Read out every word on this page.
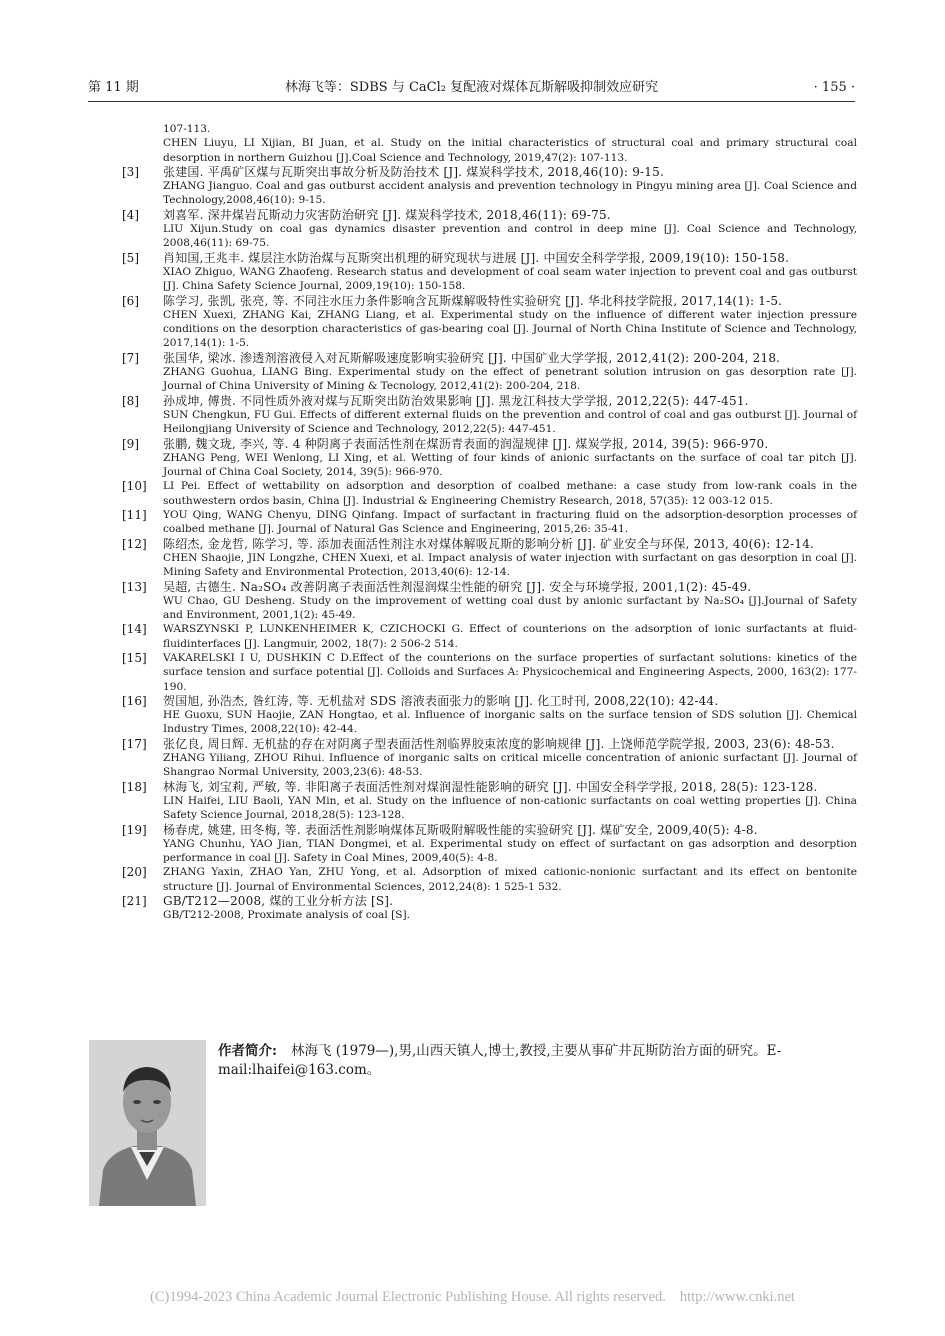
第 11 期	林海飞等：SDBS 与 CaCl₂ 复配液对煤体瓦斯解吸抑制效应研究	· 155 ·
107-113.
CHEN Liuyu, LI Xijian, BI Juan, et al. Study on the initial characteristics of structural coal and primary structural coal desorption in northern Guizhou [J].Coal Science and Technology, 2019,47(2): 107-113.
[3] 张建国. 平禹矿区煤与瓦斯突出事故分析及防治技术 [J]. 煤炭科学技术, 2018,46(10): 9-15.
ZHANG Jianguo. Coal and gas outburst accident analysis and prevention technology in Pingyu mining area [J]. Coal Science and Technology,2008,46(10): 9-15.
[4] 刘喜军. 深井煤岩瓦斯动力灾害防治研究 [J]. 煤炭科学技术, 2018,46(11): 69-75.
LIU Xijun.Study on coal gas dynamics disaster prevention and control in deep mine [J]. Coal Science and Technology, 2008,46(11): 69-75.
[5] 肖知国,王兆丰. 煤层注水防治煤与瓦斯突出机理的研究现状与进展 [J]. 中国安全科学学报, 2009,19(10): 150-158.
XIAO Zhiguo, WANG Zhaofeng. Research status and development of coal seam water injection to prevent coal and gas outburst [J]. China Safety Science Journal, 2009,19(10): 150-158.
[6] 陈学习, 张凯, 张亮, 等. 不同注水压力条件影响含瓦斯煤解吸特性实验研究 [J]. 华北科技学院报, 2017,14(1): 1-5.
CHEN Xuexi, ZHANG Kai, ZHANG Liang, et al. Experimental study on the influence of different water injection pressure conditions on the desorption characteristics of gas-bearing coal [J]. Journal of North China Institute of Science and Technology, 2017,14(1): 1-5.
[7] 张国华, 梁冰. 渗透剂溶液侵入对瓦斯解吸速度影响实验研究 [J]. 中国矿业大学学报, 2012,41(2): 200-204, 218.
ZHANG Guohua, LIANG Bing. Experimental study on the effect of penetrant solution intrusion on gas desorption rate [J]. Journal of China University of Mining & Tecnology, 2012,41(2): 200-204, 218.
[8] 孙成坤, 傅贵. 不同性质外液对煤与瓦斯突出防治效果影响 [J]. 黑龙江科技大学学报, 2012,22(5): 447-451.
SUN Chengkun, FU Gui. Effects of different external fluids on the prevention and control of coal and gas outburst [J]. Journal of Heilongjiang University of Science and Technology, 2012,22(5): 447-451.
[9] 张鹏, 魏文珑, 李兴, 等. 4 种阴离子表面活性剂在煤沥青表面的润湿规律 [J]. 煤炭学报, 2014, 39(5): 966-970.
ZHANG Peng, WEI Wenlong, LI Xing, et al. Wetting of four kinds of anionic surfactants on the surface of coal tar pitch [J]. Journal of China Coal Society, 2014, 39(5): 966-970.
[10] LI Pei. Effect of wettability on adsorption and desorption of coalbed methane: a case study from low-rank coals in the southwestern ordos basin, China [J]. Industrial & Engineering Chemistry Research, 2018, 57(35): 12 003-12 015.
[11] YOU Qing, WANG Chenyu, DING Qinfang. Impact of surfactant in fracturing fluid on the adsorption-desorption processes of coalbed methane [J]. Journal of Natural Gas Science and Engineering, 2015,26: 35-41.
[12] 陈绍杰, 金龙哲, 陈学习, 等. 添加表面活性剂注水对煤体解吸瓦斯的影响分析 [J]. 矿业安全与环保, 2013, 40(6): 12-14.
CHEN Shaojie, JIN Longzhe, CHEN Xuexi, et al. Impact analysis of water injection with surfactant on gas desorption in coal [J]. Mining Safety and Environmental Protection, 2013,40(6): 12-14.
[13] 吴超, 古德生. Na₂SO₄ 改善阴离子表面活性剂湿润煤尘性能的研究 [J]. 安全与环境学报, 2001,1(2): 45-49.
WU Chao, GU Desheng. Study on the improvement of wetting coal dust by anionic surfactant by Na₂SO₄ [J].Journal of Safety and Environment, 2001,1(2): 45-49.
[14] WARSZYNSKI P, LUNKENHEIMER K, CZICHOCKI G. Effect of counterions on the adsorption of ionic surfactants at fluid-fluidinterfaces [J]. Langmuir, 2002, 18(7): 2 506-2 514.
[15] VAKARELSKI I U, DUSHKIN C D.Effect of the counterions on the surface properties of surfactant solutions: kinetics of the surface tension and surface potential [J]. Colloids and Surfaces A: Physicochemical and Engineering Aspects, 2000, 163(2): 177-190.
[16] 贺国旭, 孙浩杰, 昝红涛, 等. 无机盐对 SDS 溶液表面张力的影响 [J]. 化工时刊, 2008,22(10): 42-44.
HE Guoxu, SUN Haojie, ZAN Hongtao, et al. Influence of inorganic salts on the surface tension of SDS solution [J]. Chemical Industry Times, 2008,22(10): 42-44.
[17] 张亿良, 周日辉. 无机盐的存在对阴离子型表面活性剂临界胶束浓度的影响规律 [J]. 上饶师范学院学报, 2003, 23(6): 48-53.
ZHANG Yiliang, ZHOU Rihui. Influence of inorganic salts on critical micelle concentration of anionic surfactant [J]. Journal of Shangrao Normal University, 2003,23(6): 48-53.
[18] 林海飞, 刘宝莉, 严敏, 等. 非阳离子表面活性剂对煤润湿性能影响的研究 [J]. 中国安全科学学报, 2018, 28(5): 123-128.
LIN Haifei, LIU Baoli, YAN Min, et al. Study on the influence of non-cationic surfactants on coal wetting properties [J]. China Safety Science Journal, 2018,28(5): 123-128.
[19] 杨春虎, 姚建, 田冬梅, 等. 表面活性剂影响煤体瓦斯吸附解吸性能的实验研究 [J]. 煤矿安全, 2009,40(5): 4-8.
YANG Chunhu, YAO Jian, TIAN Dongmei, et al. Experimental study on effect of surfactant on gas adsorption and desorption performance in coal [J]. Safety in Coal Mines, 2009,40(5): 4-8.
[20] ZHANG Yaxin, ZHAO Yan, ZHU Yong, et al. Adsorption of mixed cationic-nonionic surfactant and its effect on bentonite structure [J]. Journal of Environmental Sciences, 2012,24(8): 1 525-1 532.
[21] GB/T212—2008, 煤的工业分析方法 [S].
GB/T212-2008, Proximate analysis of coal [S].
作者简介: 林海飞 (1979—),男,山西天镇人,博士,教授,主要从事矿井瓦斯防治方面的研究。E-mail:lhaifei@163.com。
(C)1994-2023 China Academic Journal Electronic Publishing House. All rights reserved. http://www.cnki.net
